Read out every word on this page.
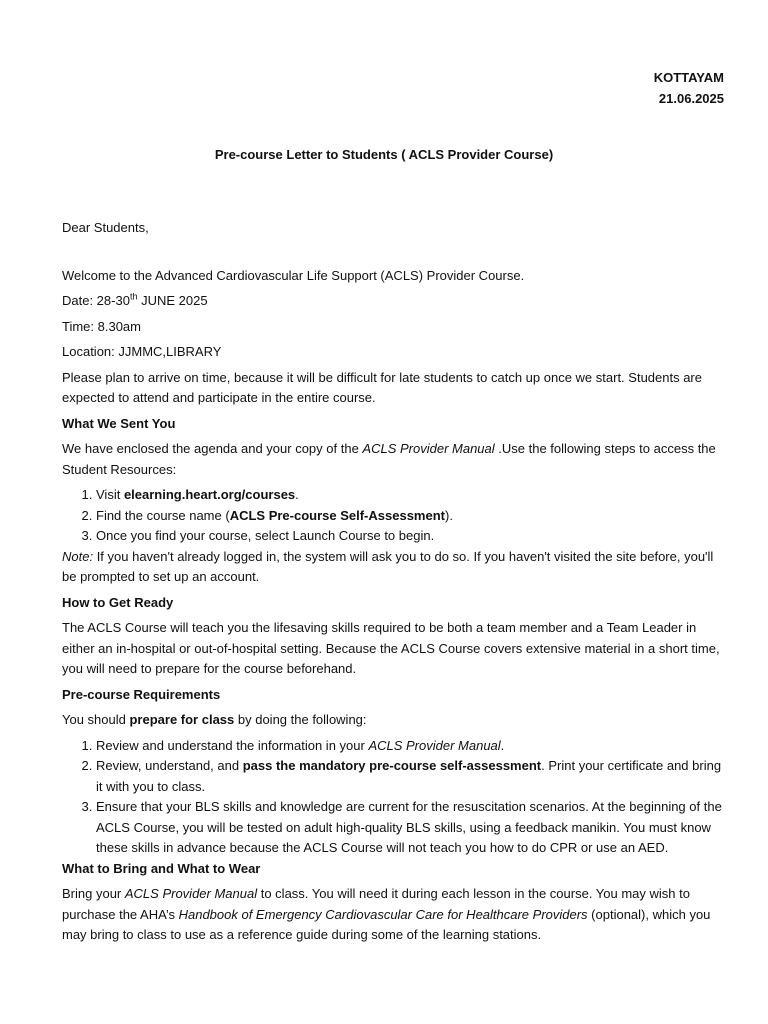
KOTTAYAM
21.06.2025
Pre-course Letter to Students ( ACLS Provider Course)

Dear Students,

Welcome to the Advanced Cardiovascular Life Support (ACLS) Provider Course.

Date: 28-30th JUNE 2025

Time: 8.30am

Location: JJMMC,LIBRARY

Please plan to arrive on time, because it will be difficult for late students to catch up once we start. Students are expected to attend and participate in the entire course.

What We Sent You

We have enclosed the agenda and your copy of the ACLS Provider Manual .Use the following steps to access the Student Resources:

1. Visit elearning.heart.org/courses.
2. Find the course name (ACLS Pre-course Self-Assessment).
3. Once you find your course, select Launch Course to begin.

Note: If you haven't already logged in, the system will ask you to do so. If you haven't visited the site before, you'll be prompted to set up an account.

How to Get Ready

The ACLS Course will teach you the lifesaving skills required to be both a team member and a Team Leader in either an in-hospital or out-of-hospital setting. Because the ACLS Course covers extensive material in a short time, you will need to prepare for the course beforehand.

Pre-course Requirements

You should prepare for class by doing the following:

1. Review and understand the information in your ACLS Provider Manual.
2. Review, understand, and pass the mandatory pre-course self-assessment. Print your certificate and bring it with you to class.
3. Ensure that your BLS skills and knowledge are current for the resuscitation scenarios. At the beginning of the ACLS Course, you will be tested on adult high-quality BLS skills, using a feedback manikin. You must know these skills in advance because the ACLS Course will not teach you how to do CPR or use an AED.

What to Bring and What to Wear

Bring your ACLS Provider Manual to class. You will need it during each lesson in the course. You may wish to purchase the AHA’s Handbook of Emergency Cardiovascular Care for Healthcare Providers (optional), which you may bring to class to use as a reference guide during some of the learning stations.
